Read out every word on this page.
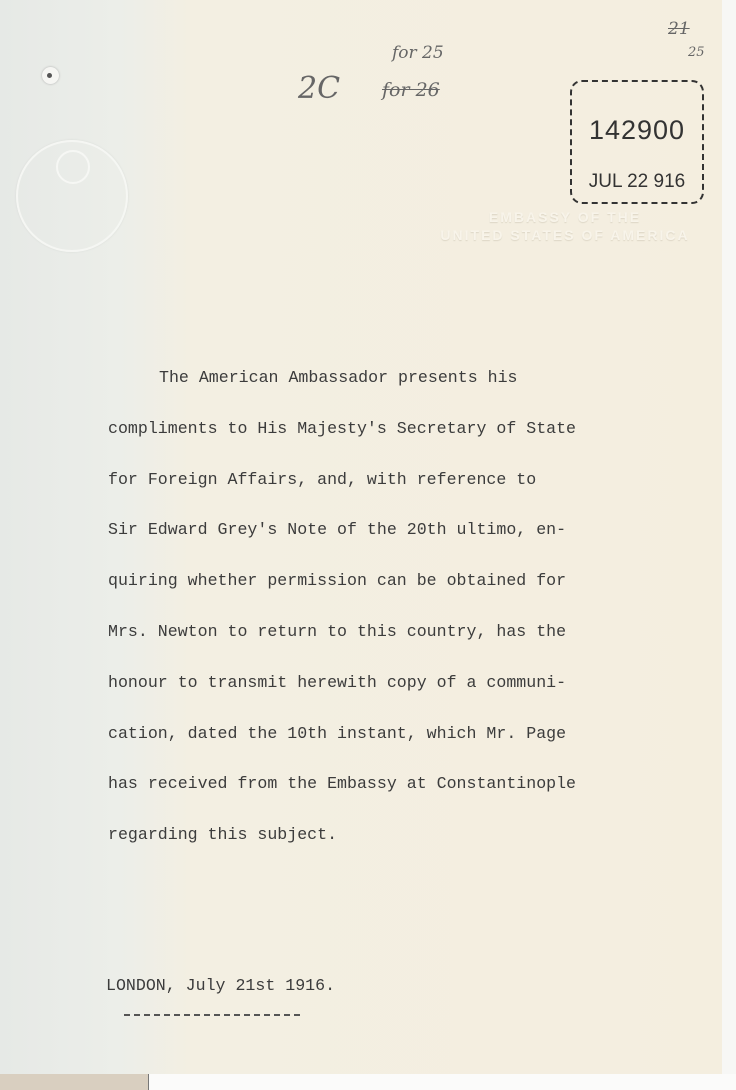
EMBASSY OF THE
UNITED STATES OF AMERICA
2C
for 25
for 26
21
25
142900
JUL 22 916
The American Ambassador presents his
compliments to His Majesty's Secretary of State
for Foreign Affairs, and, with reference to
Sir Edward Grey's Note of the 20th ultimo, en-
quiring whether permission can be obtained for
Mrs. Newton to return to this country, has the
honour to transmit herewith copy of a communi-
cation, dated the 10th instant, which Mr. Page
has received from the Embassy at Constantinople
regarding this subject.
LONDON, July 21st 1916.
